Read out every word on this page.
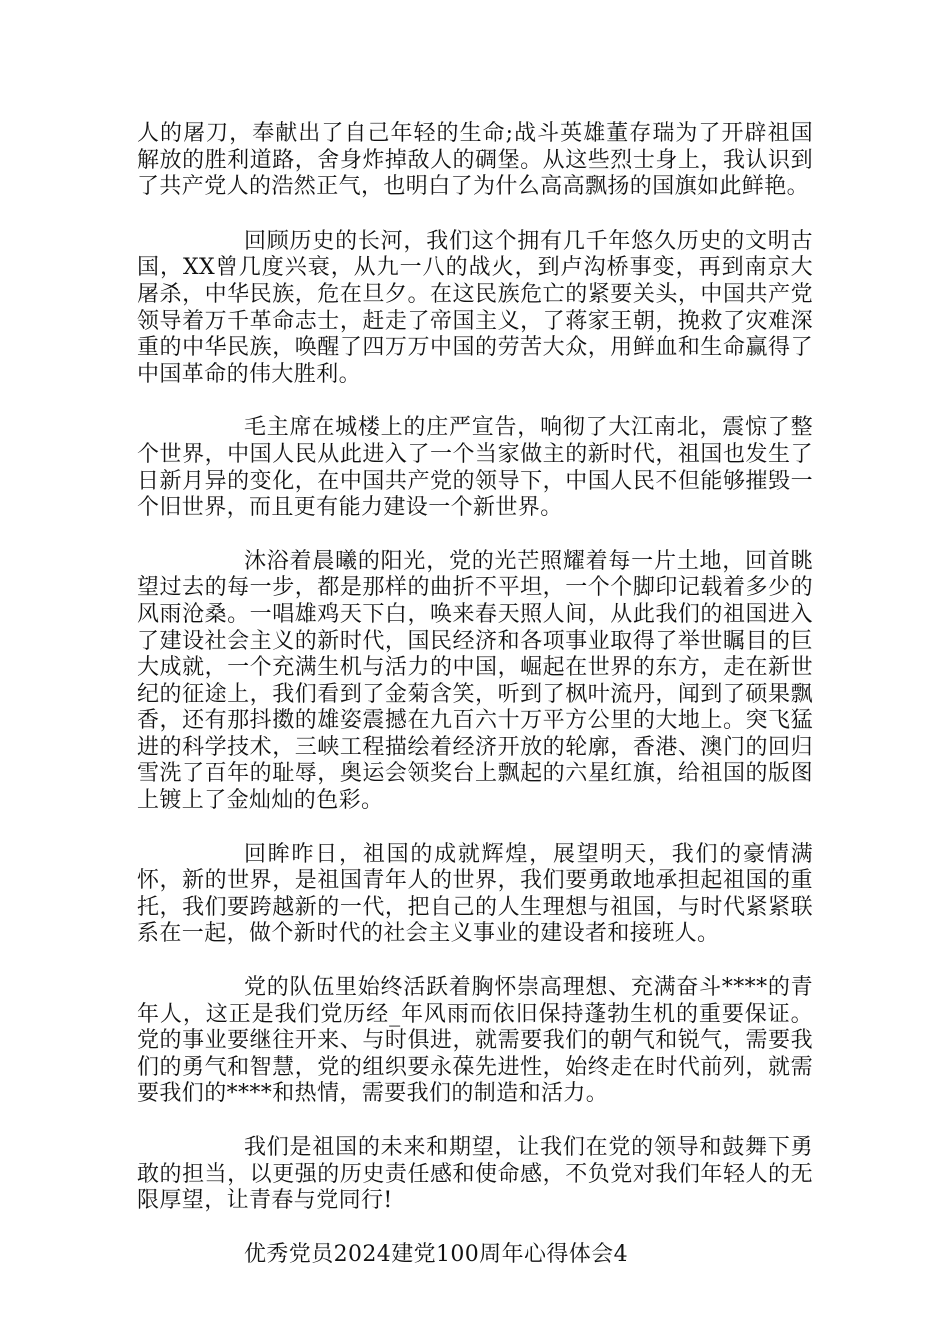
人的屠刀，奉献出了自己年轻的生命;战斗英雄董存瑞为了开辟祖国解放的胜利道路，舍身炸掉敌人的碉堡。从这些烈士身上，我认识到了共产党人的浩然正气，也明白了为什么高高飘扬的国旗如此鲜艳。

回顾历史的长河，我们这个拥有几千年悠久历史的文明古国，XX曾几度兴衰，从九一八的战火，到卢沟桥事变，再到南京大屠杀，中华民族，危在旦夕。在这民族危亡的紧要关头，中国共产党领导着万千革命志士，赶走了帝国主义，了蒋家王朝，挽救了灾难深重的中华民族，唤醒了四万万中国的劳苦大众，用鲜血和生命赢得了中国革命的伟大胜利。

毛主席在城楼上的庄严宣告，响彻了大江南北，震惊了整个世界，中国人民从此进入了一个当家做主的新时代，祖国也发生了日新月异的变化，在中国共产党的领导下，中国人民不但能够摧毁一个旧世界，而且更有能力建设一个新世界。

沐浴着晨曦的阳光，党的光芒照耀着每一片土地，回首眺望过去的每一步，都是那样的曲折不平坦，一个个脚印记载着多少的风雨沧桑。一唱雄鸡天下白，唤来春天照人间，从此我们的祖国进入了建设社会主义的新时代，国民经济和各项事业取得了举世瞩目的巨大成就，一个充满生机与活力的中国，崛起在世界的东方，走在新世纪的征途上，我们看到了金菊含笑，听到了枫叶流丹，闻到了硕果飘香，还有那抖擞的雄姿震撼在九百六十万平方公里的大地上。突飞猛进的科学技术，三峡工程描绘着经济开放的轮廓，香港、澳门的回归雪洗了百年的耻辱，奥运会领奖台上飘起的六星红旗，给祖国的版图上镀上了金灿灿的色彩。

回眸昨日，祖国的成就辉煌，展望明天，我们的豪情满怀，新的世界，是祖国青年人的世界，我们要勇敢地承担起祖国的重托，我们要跨越新的一代，把自己的人生理想与祖国，与时代紧紧联系在一起，做个新时代的社会主义事业的建设者和接班人。

党的队伍里始终活跃着胸怀崇高理想、充满奋斗****的青年人，这正是我们党历经_年风雨而依旧保持蓬勃生机的重要保证。党的事业要继往开来、与时俱进，就需要我们的朝气和锐气，需要我们的勇气和智慧，党的组织要永葆先进性，始终走在时代前列，就需要我们的****和热情，需要我们的制造和活力。

我们是祖国的未来和期望，让我们在党的领导和鼓舞下勇敢的担当，以更强的历史责任感和使命感，不负党对我们年轻人的无限厚望，让青春与党同行!

优秀党员2024建党100周年心得体会4
